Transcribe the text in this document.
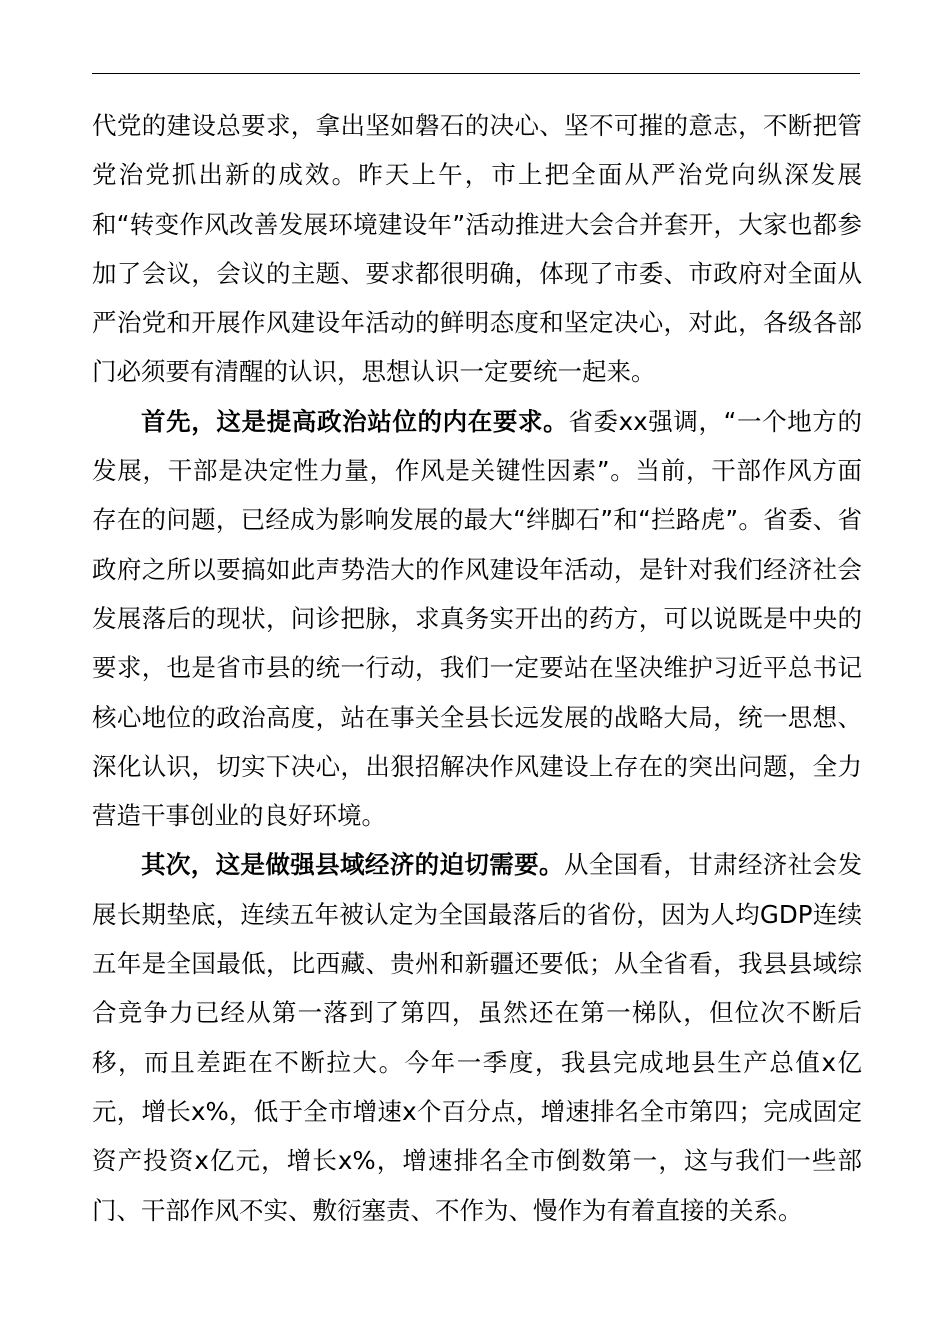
代党的建设总要求，拿出坚如磐石的决心、坚不可摧的意志，不断把管党治党抓出新的成效。昨天上午，市上把全面从严治党向纵深发展和“转变作风改善发展环境建设年”活动推进大会合并套开，大家也都参加了会议，会议的主题、要求都很明确，体现了市委、市政府对全面从严治党和开展作风建设年活动的鲜明态度和坚定决心，对此，各级各部门必须要有清醒的认识，思想认识一定要统一起来。

首先，这是提高政治站位的内在要求。省委xx强调，“一个地方的发展，干部是决定性力量，作风是关键性因素”。当前，干部作风方面存在的问题，已经成为影响发展的最大“绊脚石”和“拦路虎”。省委、省政府之所以要搞如此声势浩大的作风建设年活动，是针对我们经济社会发展落后的现状，问诊把脉，求真务实开出的药方，可以说既是中央的要求，也是省市县的统一行动，我们一定要站在坚决维护习近平总书记核心地位的政治高度，站在事关全县长远发展的战略大局，统一思想、深化认识，切实下决心，出狠招解决作风建设上存在的突出问题，全力营造干事创业的良好环境。

其次，这是做强县域经济的迫切需要。从全国看，甘肃经济社会发展长期垫底，连续五年被认定为全国最落后的省份，因为人均GDP连续五年是全国最低，比西藏、贵州和新疆还要低；从全省看，我县县域综合竞争力已经从第一落到了第四，虽然还在第一梯队，但位次不断后移，而且差距在不断拉大。今年一季度，我县完成地县生产总值x亿元，增长x%，低于全市增速x个百分点，增速排名全市第四；完成固定资产投资x亿元，增长x%，增速排名全市倒数第一，这与我们一些部门、干部作风不实、敷衍塞责、不作为、慢作为有着直接的关系。
